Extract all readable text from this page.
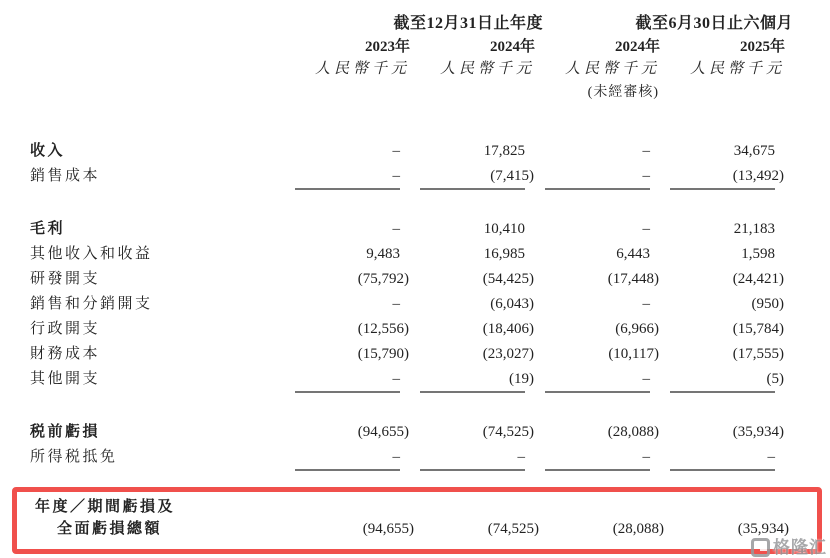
截至12月31日止年度	截至6月30日止六個月
2023年	2024年	2024年	2025年
人民幣千元	人民幣千元	人民幣千元	人民幣千元
(未經審核)
收入	–	17,825	–	34,675
銷售成本	–	(7,415)	–	(13,492)
毛利	–	10,410	–	21,183
其他收入和收益	9,483	16,985	6,443	1,598
研發開支	(75,792)	(54,425)	(17,448)	(24,421)
銷售和分銷開支	–	(6,043)	–	(950)
行政開支	(12,556)	(18,406)	(6,966)	(15,784)
財務成本	(15,790)	(23,027)	(10,117)	(17,555)
其他開支	–	(19)	–	(5)
税前虧損	(94,655)	(74,525)	(28,088)	(35,934)
所得税抵免	–	–	–	–
年度／期間虧損及
全面虧損總額	(94,655)	(74,525)	(28,088)	(35,934)
格隆汇
